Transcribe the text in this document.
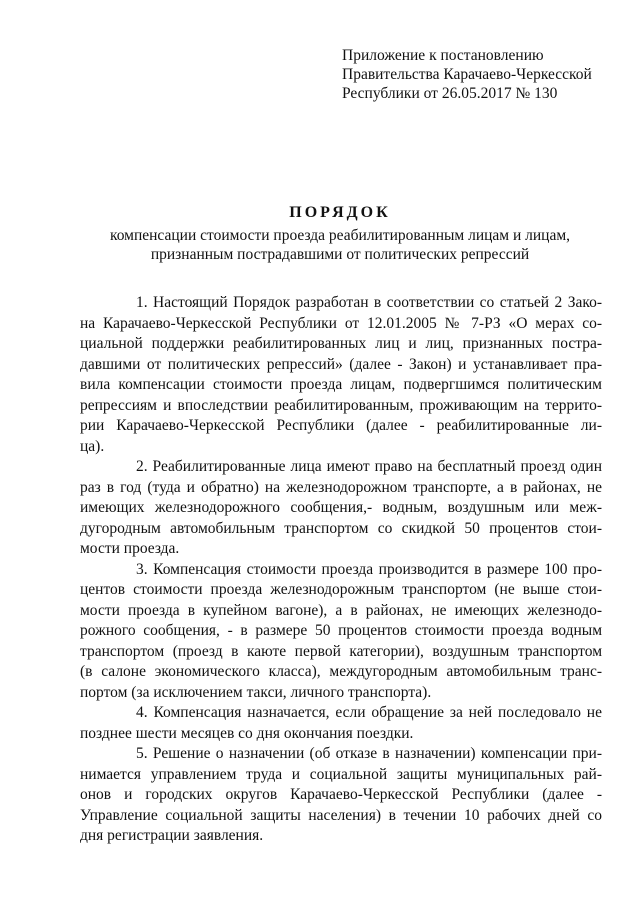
Приложение к постановлению
Правительства Карачаево-Черкесской
Республики от 26.05.2017 № 130
ПОРЯДОК
компенсации стоимости проезда реабилитированным лицам и лицам,
признанным пострадавшими от политических репрессий
1. Настоящий Порядок разработан в соответствии со статьей 2 Зако-
на Карачаево-Черкесской Республики от 12.01.2005 № 7-РЗ «О мерах со-
циальной поддержки реабилитированных лиц и лиц, признанных постра-
давшими от политических репрессий» (далее - Закон) и устанавливает пра-
вила компенсации стоимости проезда лицам, подвергшимся политическим
репрессиям и впоследствии реабилитированным, проживающим на террито-
рии Карачаево-Черкесской Республики (далее - реабилитированные ли-
ца).
2. Реабилитированные лица имеют право на бесплатный проезд один
раз в год (туда и обратно) на железнодорожном транспорте, а в районах, не
имеющих железнодорожного сообщения,- водным, воздушным или меж-
дугородным автомобильным транспортом со скидкой 50 процентов стои-
мости проезда.
3. Компенсация стоимости проезда производится в размере 100 про-
центов стоимости проезда железнодорожным транспортом (не выше стои-
мости проезда в купейном вагоне), а в районах, не имеющих железнодо-
рожного сообщения, - в размере 50 процентов стоимости проезда водным
транспортом (проезд в каюте первой категории), воздушным транспортом
(в салоне экономического класса), междугородным автомобильным транс-
портом (за исключением такси, личного транспорта).
4. Компенсация назначается, если обращение за ней последовало не
позднее шести месяцев со дня окончания поездки.
5. Решение о назначении (об отказе в назначении) компенсации при-
нимается управлением труда и социальной защиты муниципальных рай-
онов и городских округов Карачаево-Черкесской Республики (далее -
Управление социальной защиты населения) в течении 10 рабочих дней со
дня регистрации заявления.
